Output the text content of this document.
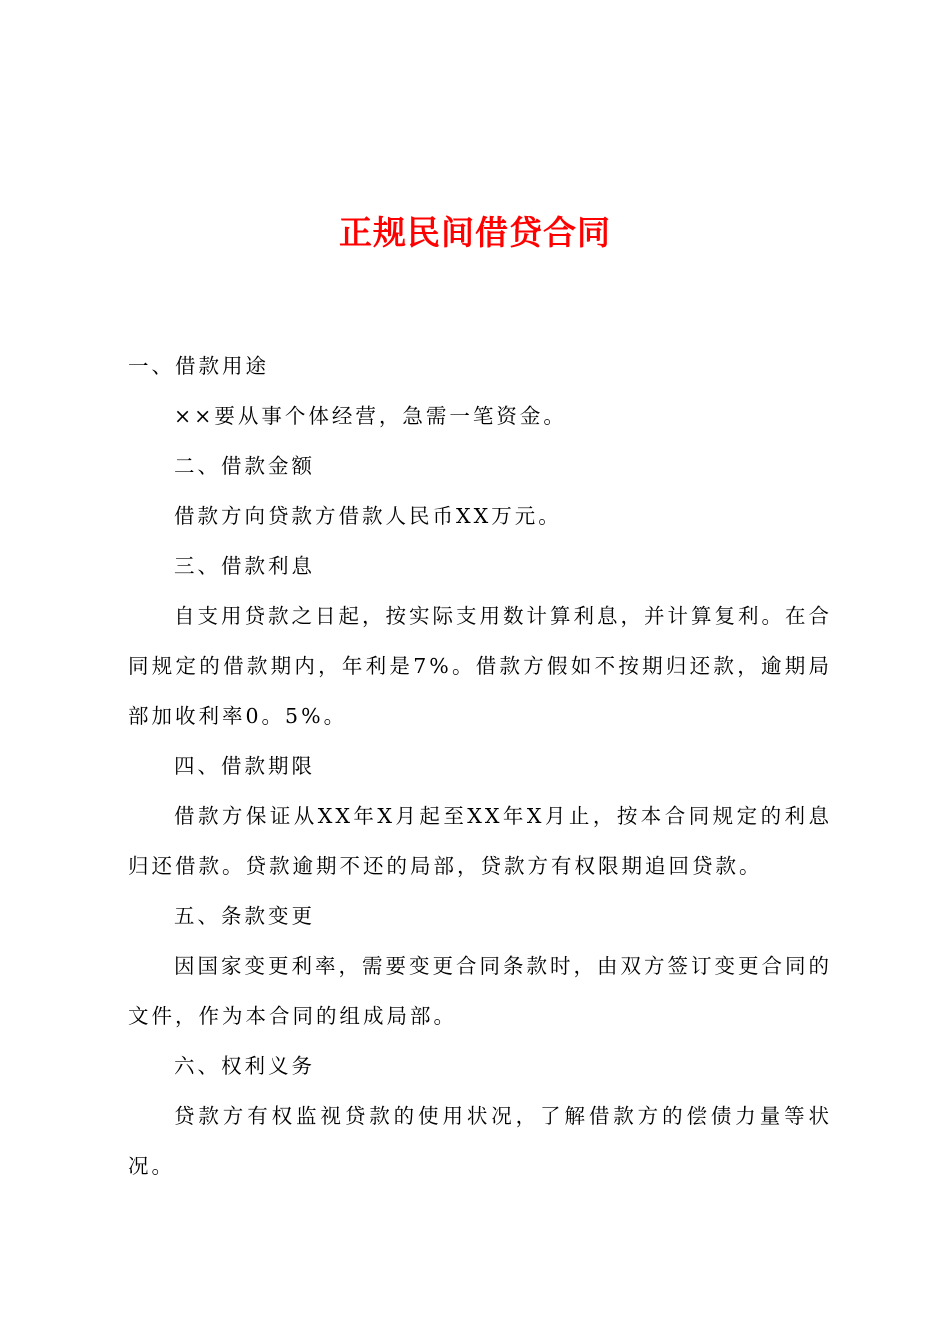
正规民间借贷合同

一、借款用途

××要从事个体经营，急需一笔资金。

二、借款金额

借款方向贷款方借款人民币XX万元。

三、借款利息

自支用贷款之日起，按实际支用数计算利息，并计算复利。在合同规定的借款期内，年利是7%。借款方假如不按期归还款，逾期局部加收利率0。5%。

四、借款期限

借款方保证从XX年X月起至XX年X月止，按本合同规定的利息归还借款。贷款逾期不还的局部，贷款方有权限期追回贷款。

五、条款变更

因国家变更利率，需要变更合同条款时，由双方签订变更合同的文件，作为本合同的组成局部。

六、权利义务

贷款方有权监视贷款的使用状况，了解借款方的偿债力量等状况。
